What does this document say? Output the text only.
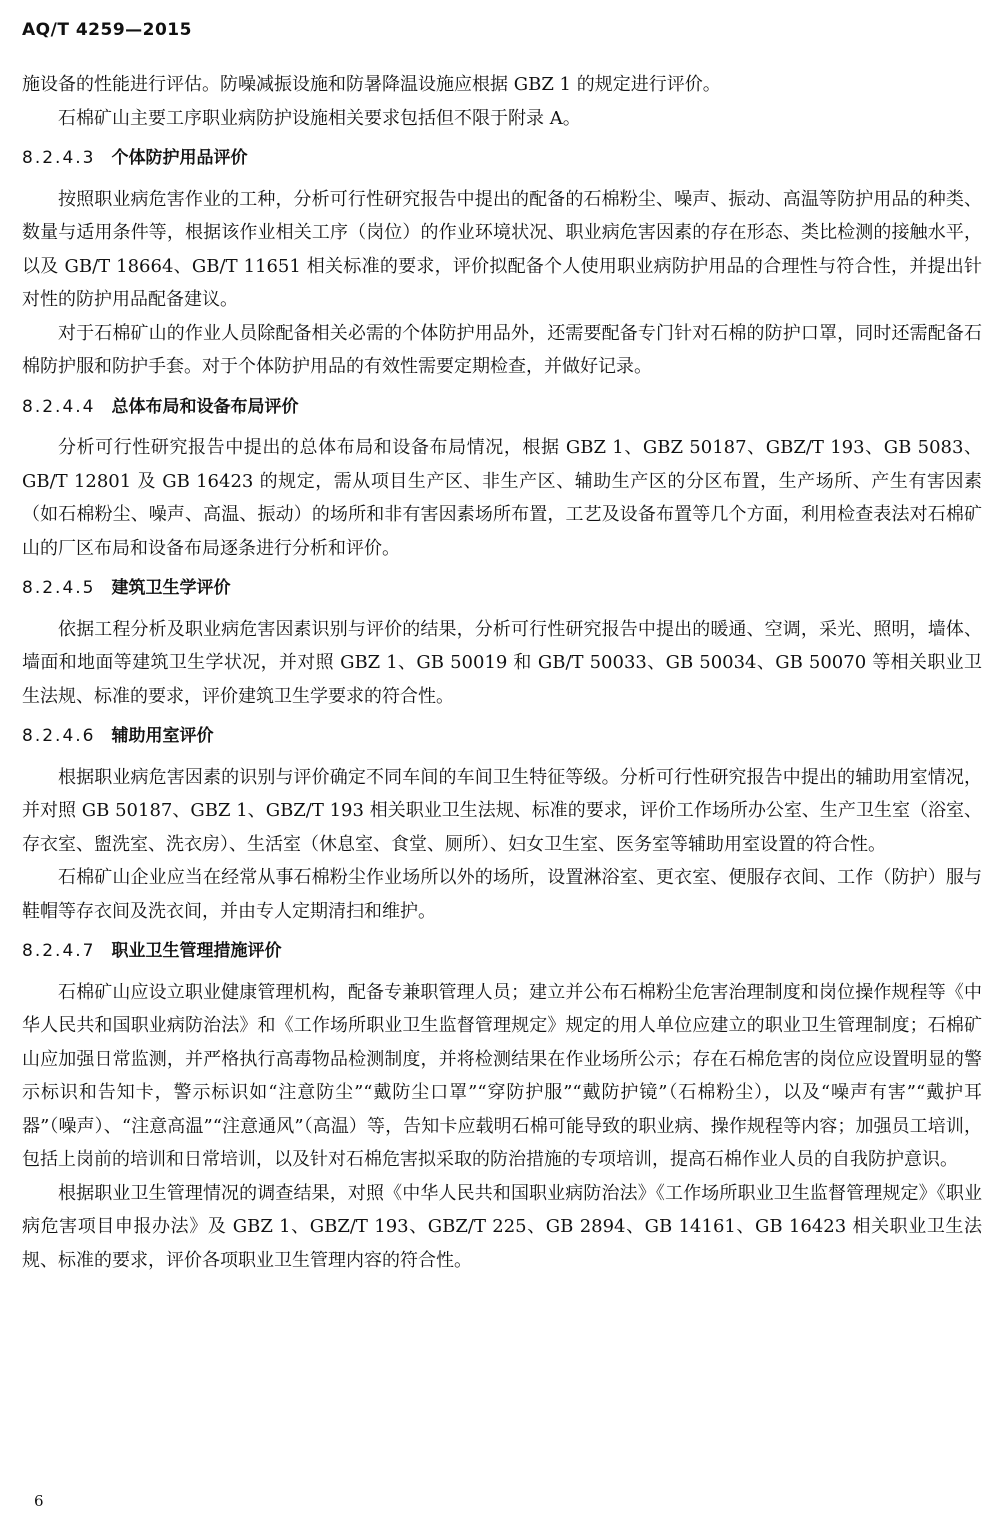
AQ/T 4259—2015

施设备的性能进行评估。防噪减振设施和防暑降温设施应根据 GBZ 1 的规定进行评价。

石棉矿山主要工序职业病防护设施相关要求包括但不限于附录 A。

8.2.4.3 个体防护用品评价

按照职业病危害作业的工种，分析可行性研究报告中提出的配备的石棉粉尘、噪声、振动、高温等防护用品的种类、数量与适用条件等，根据该作业相关工序（岗位）的作业环境状况、职业病危害因素的存在形态、类比检测的接触水平，以及 GB/T 18664、GB/T 11651 相关标准的要求，评价拟配备个人使用职业病防护用品的合理性与符合性，并提出针对性的防护用品配备建议。

对于石棉矿山的作业人员除配备相关必需的个体防护用品外，还需要配备专门针对石棉的防护口罩，同时还需配备石棉防护服和防护手套。对于个体防护用品的有效性需要定期检查，并做好记录。

8.2.4.4 总体布局和设备布局评价

分析可行性研究报告中提出的总体布局和设备布局情况，根据 GBZ 1、GBZ 50187、GBZ/T 193、GB 5083、GB/T 12801 及 GB 16423 的规定，需从项目生产区、非生产区、辅助生产区的分区布置，生产场所、产生有害因素（如石棉粉尘、噪声、高温、振动）的场所和非有害因素场所布置，工艺及设备布置等几个方面，利用检查表法对石棉矿山的厂区布局和设备布局逐条进行分析和评价。

8.2.4.5 建筑卫生学评价

依据工程分析及职业病危害因素识别与评价的结果，分析可行性研究报告中提出的暖通、空调，采光、照明，墙体、墙面和地面等建筑卫生学状况，并对照 GBZ 1、GB 50019 和 GB/T 50033、GB 50034、GB 50070 等相关职业卫生法规、标准的要求，评价建筑卫生学要求的符合性。

8.2.4.6 辅助用室评价

根据职业病危害因素的识别与评价确定不同车间的车间卫生特征等级。分析可行性研究报告中提出的辅助用室情况，并对照 GB 50187、GBZ 1、GBZ/T 193 相关职业卫生法规、标准的要求，评价工作场所办公室、生产卫生室（浴室、存衣室、盥洗室、洗衣房）、生活室（休息室、食堂、厕所）、妇女卫生室、医务室等辅助用室设置的符合性。

石棉矿山企业应当在经常从事石棉粉尘作业场所以外的场所，设置淋浴室、更衣室、便服存衣间、工作（防护）服与鞋帽等存衣间及洗衣间，并由专人定期清扫和维护。

8.2.4.7 职业卫生管理措施评价

石棉矿山应设立职业健康管理机构，配备专兼职管理人员；建立并公布石棉粉尘危害治理制度和岗位操作规程等《中华人民共和国职业病防治法》和《工作场所职业卫生监督管理规定》规定的用人单位应建立的职业卫生管理制度；石棉矿山应加强日常监测，并严格执行高毒物品检测制度，并将检测结果在作业场所公示；存在石棉危害的岗位应设置明显的警示标识和告知卡，警示标识如“注意防尘”“戴防尘口罩”“穿防护服”“戴防护镜”（石棉粉尘），以及“噪声有害”“戴护耳器”（噪声）、“注意高温”“注意通风”（高温）等，告知卡应载明石棉可能导致的职业病、操作规程等内容；加强员工培训，包括上岗前的培训和日常培训，以及针对石棉危害拟采取的防治措施的专项培训，提高石棉作业人员的自我防护意识。

根据职业卫生管理情况的调查结果，对照《中华人民共和国职业病防治法》《工作场所职业卫生监督管理规定》《职业病危害项目申报办法》及 GBZ 1、GBZ/T 193、GBZ/T 225、GB 2894、GB 14161、GB 16423 相关职业卫生法规、标准的要求，评价各项职业卫生管理内容的符合性。

6
